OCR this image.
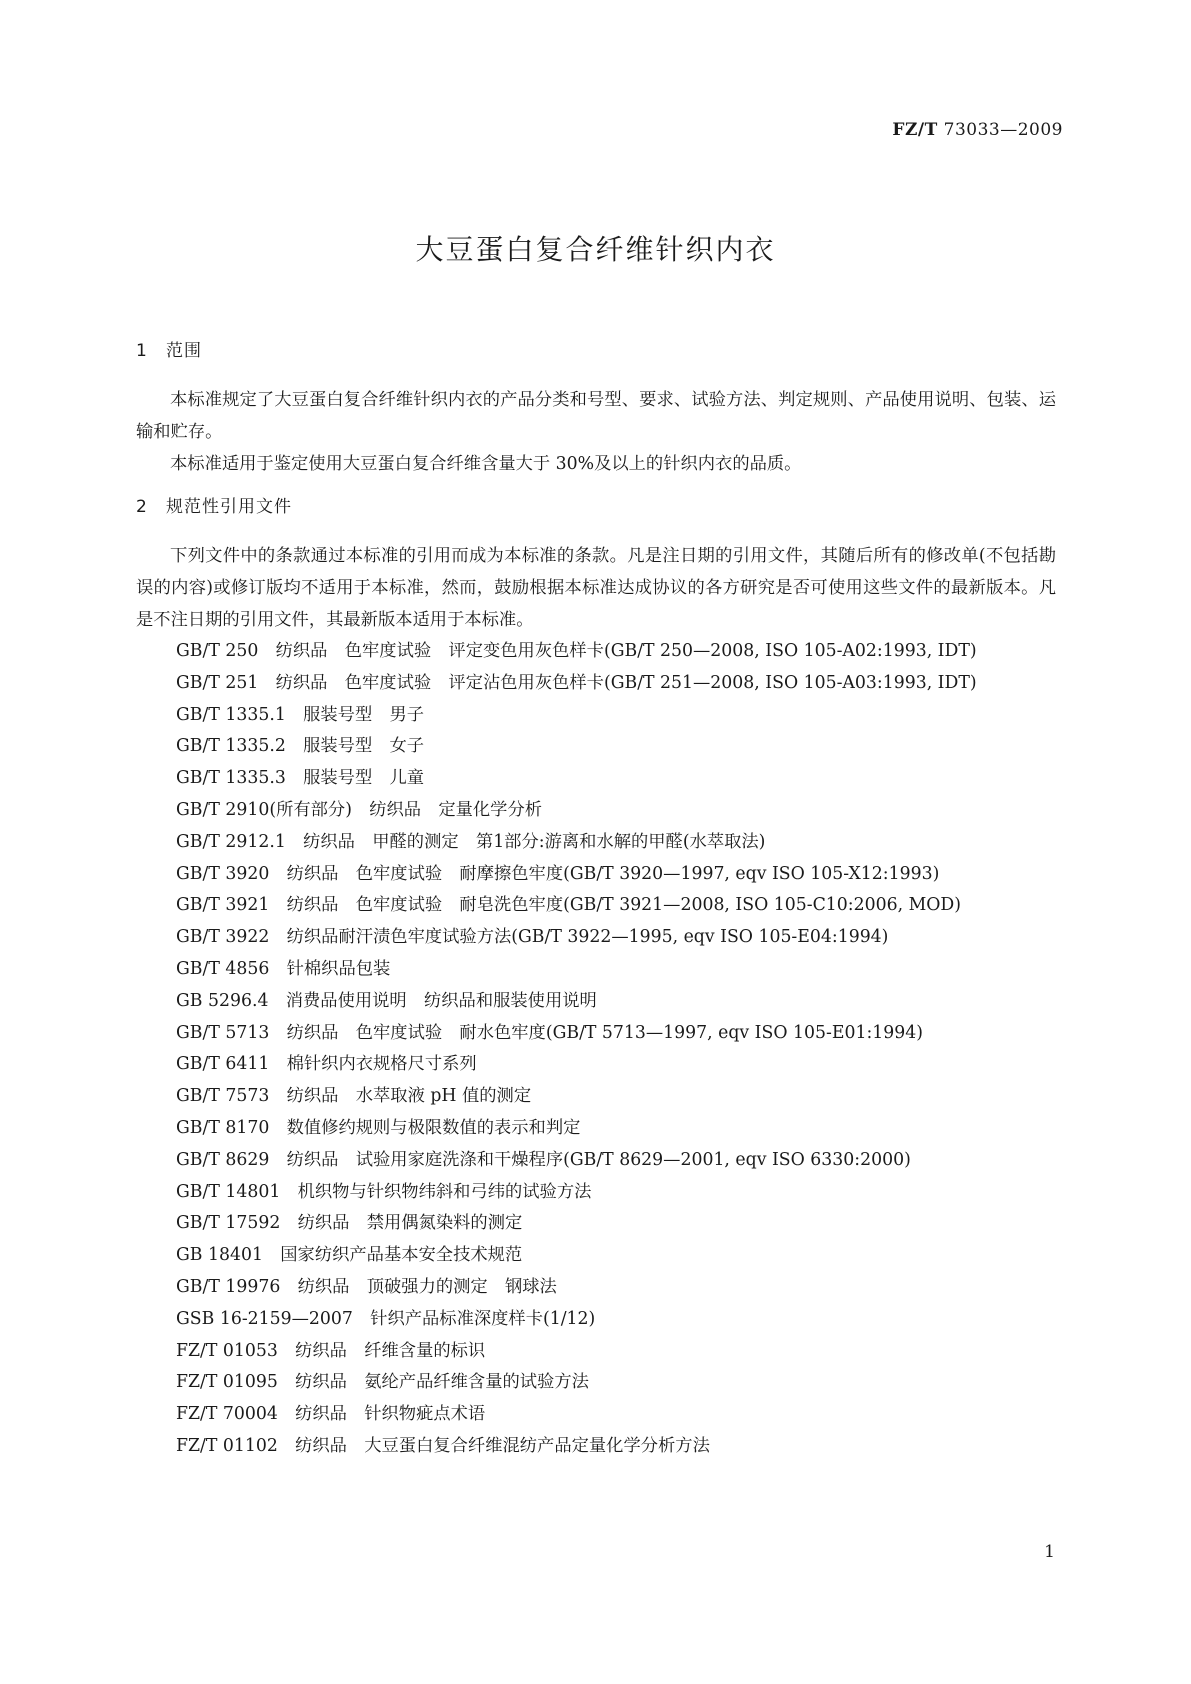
FZ/T 73033—2009
大豆蛋白复合纤维针织内衣
1 范围

本标准规定了大豆蛋白复合纤维针织内衣的产品分类和号型、要求、试验方法、判定规则、产品使用说明、包装、运输和贮存。

本标准适用于鉴定使用大豆蛋白复合纤维含量大于 30%及以上的针织内衣的品质。

2 规范性引用文件

下列文件中的条款通过本标准的引用而成为本标准的条款。凡是注日期的引用文件，其随后所有的修改单(不包括勘误的内容)或修订版均不适用于本标准，然而，鼓励根据本标准达成协议的各方研究是否可使用这些文件的最新版本。凡是不注日期的引用文件，其最新版本适用于本标准。

GB/T 250　纺织品　色牢度试验　评定变色用灰色样卡(GB/T 250—2008, ISO 105-A02:1993, IDT)

GB/T 251　纺织品　色牢度试验　评定沾色用灰色样卡(GB/T 251—2008, ISO 105-A03:1993, IDT)

GB/T 1335.1　服装号型　男子

GB/T 1335.2　服装号型　女子

GB/T 1335.3　服装号型　儿童

GB/T 2910(所有部分)　纺织品　定量化学分析

GB/T 2912.1　纺织品　甲醛的测定　第1部分:游离和水解的甲醛(水萃取法)

GB/T 3920　纺织品　色牢度试验　耐摩擦色牢度(GB/T 3920—1997, eqv ISO 105-X12:1993)

GB/T 3921　纺织品　色牢度试验　耐皂洗色牢度(GB/T 3921—2008, ISO 105-C10:2006, MOD)

GB/T 3922　纺织品耐汗渍色牢度试验方法(GB/T 3922—1995, eqv ISO 105-E04:1994)

GB/T 4856　针棉织品包装

GB 5296.4　消费品使用说明　纺织品和服装使用说明

GB/T 5713　纺织品　色牢度试验　耐水色牢度(GB/T 5713—1997, eqv ISO 105-E01:1994)

GB/T 6411　棉针织内衣规格尺寸系列

GB/T 7573　纺织品　水萃取液 pH 值的测定

GB/T 8170　数值修约规则与极限数值的表示和判定

GB/T 8629　纺织品　试验用家庭洗涤和干燥程序(GB/T 8629—2001, eqv ISO 6330:2000)

GB/T 14801　机织物与针织物纬斜和弓纬的试验方法

GB/T 17592　纺织品　禁用偶氮染料的测定

GB 18401　国家纺织产品基本安全技术规范

GB/T 19976　纺织品　顶破强力的测定　钢球法

GSB 16-2159—2007　针织产品标准深度样卡(1/12)

FZ/T 01053　纺织品　纤维含量的标识

FZ/T 01095　纺织品　氨纶产品纤维含量的试验方法

FZ/T 70004　纺织品　针织物疵点术语

FZ/T 01102　纺织品　大豆蛋白复合纤维混纺产品定量化学分析方法

1
